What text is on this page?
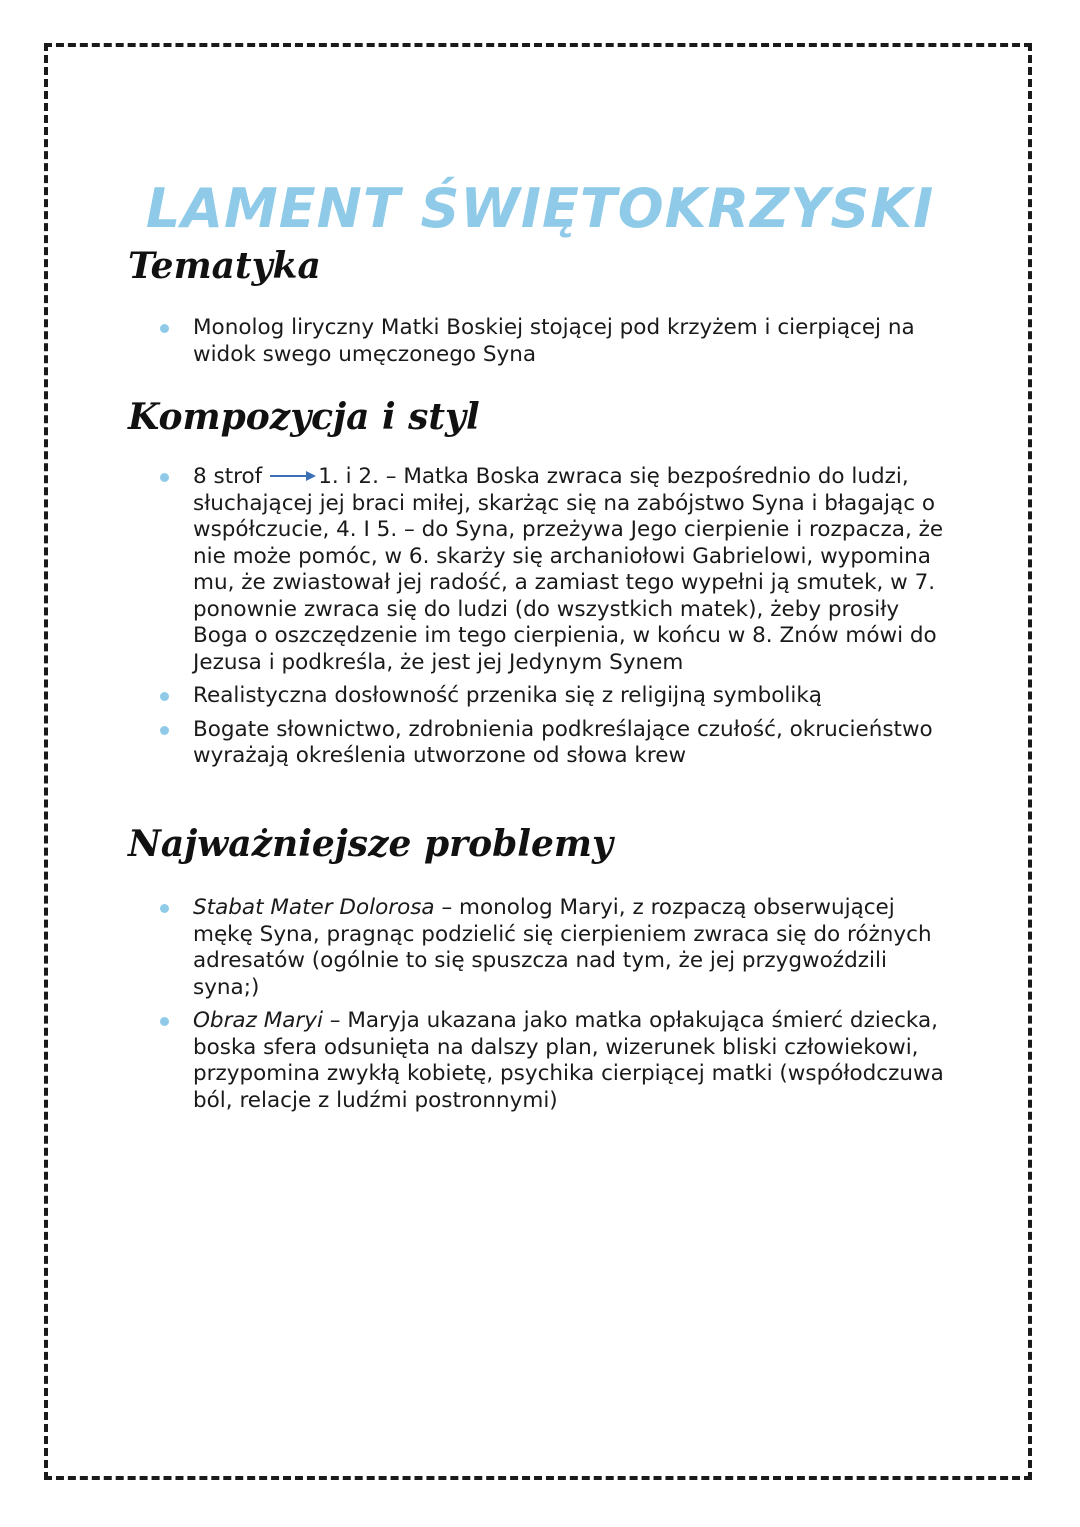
LAMENT ŚWIĘTOKRZYSKI
Tematyka
Monolog liryczny Matki Boskiej stojącej pod krzyżem i cierpiącej na widok swego umęczonego Syna
Kompozycja i styl
8 strof	1. i 2. – Matka Boska zwraca się bezpośrednio do ludzi, słuchającej jej braci miłej, skarżąc się na zabójstwo Syna i błagając o współczucie, 4. I 5. – do Syna, przeżywa Jego cierpienie i rozpacza, że nie może pomóc, w 6. skarży się archaniołowi Gabrielowi, wypomina mu, że zwiastował jej radość, a zamiast tego wypełni ją smutek, w 7. ponownie zwraca się do ludzi (do wszystkich matek), żeby prosiły Boga o oszczędzenie im tego cierpienia, w końcu w 8. Znów mówi do Jezusa i podkreśla, że jest jej Jedynym Synem
Realistyczna dosłowność przenika się z religijną symboliką
Bogate słownictwo, zdrobnienia podkreślające czułość, okrucieństwo wyrażają określenia utworzone od słowa krew
Najważniejsze problemy
Stabat Mater Dolorosa – monolog Maryi, z rozpaczą obserwującej mękę Syna, pragnąc podzielić się cierpieniem zwraca się do różnych adresatów (ogólnie to się spuszcza nad tym, że jej przygwoździli syna;)
Obraz Maryi – Maryja ukazana jako matka opłakująca śmierć dziecka, boska sfera odsunięta na dalszy plan, wizerunek bliski człowiekowi, przypomina zwykłą kobietę, psychika cierpiącej matki (współodczuwa ból, relacje z ludźmi postronnymi)
